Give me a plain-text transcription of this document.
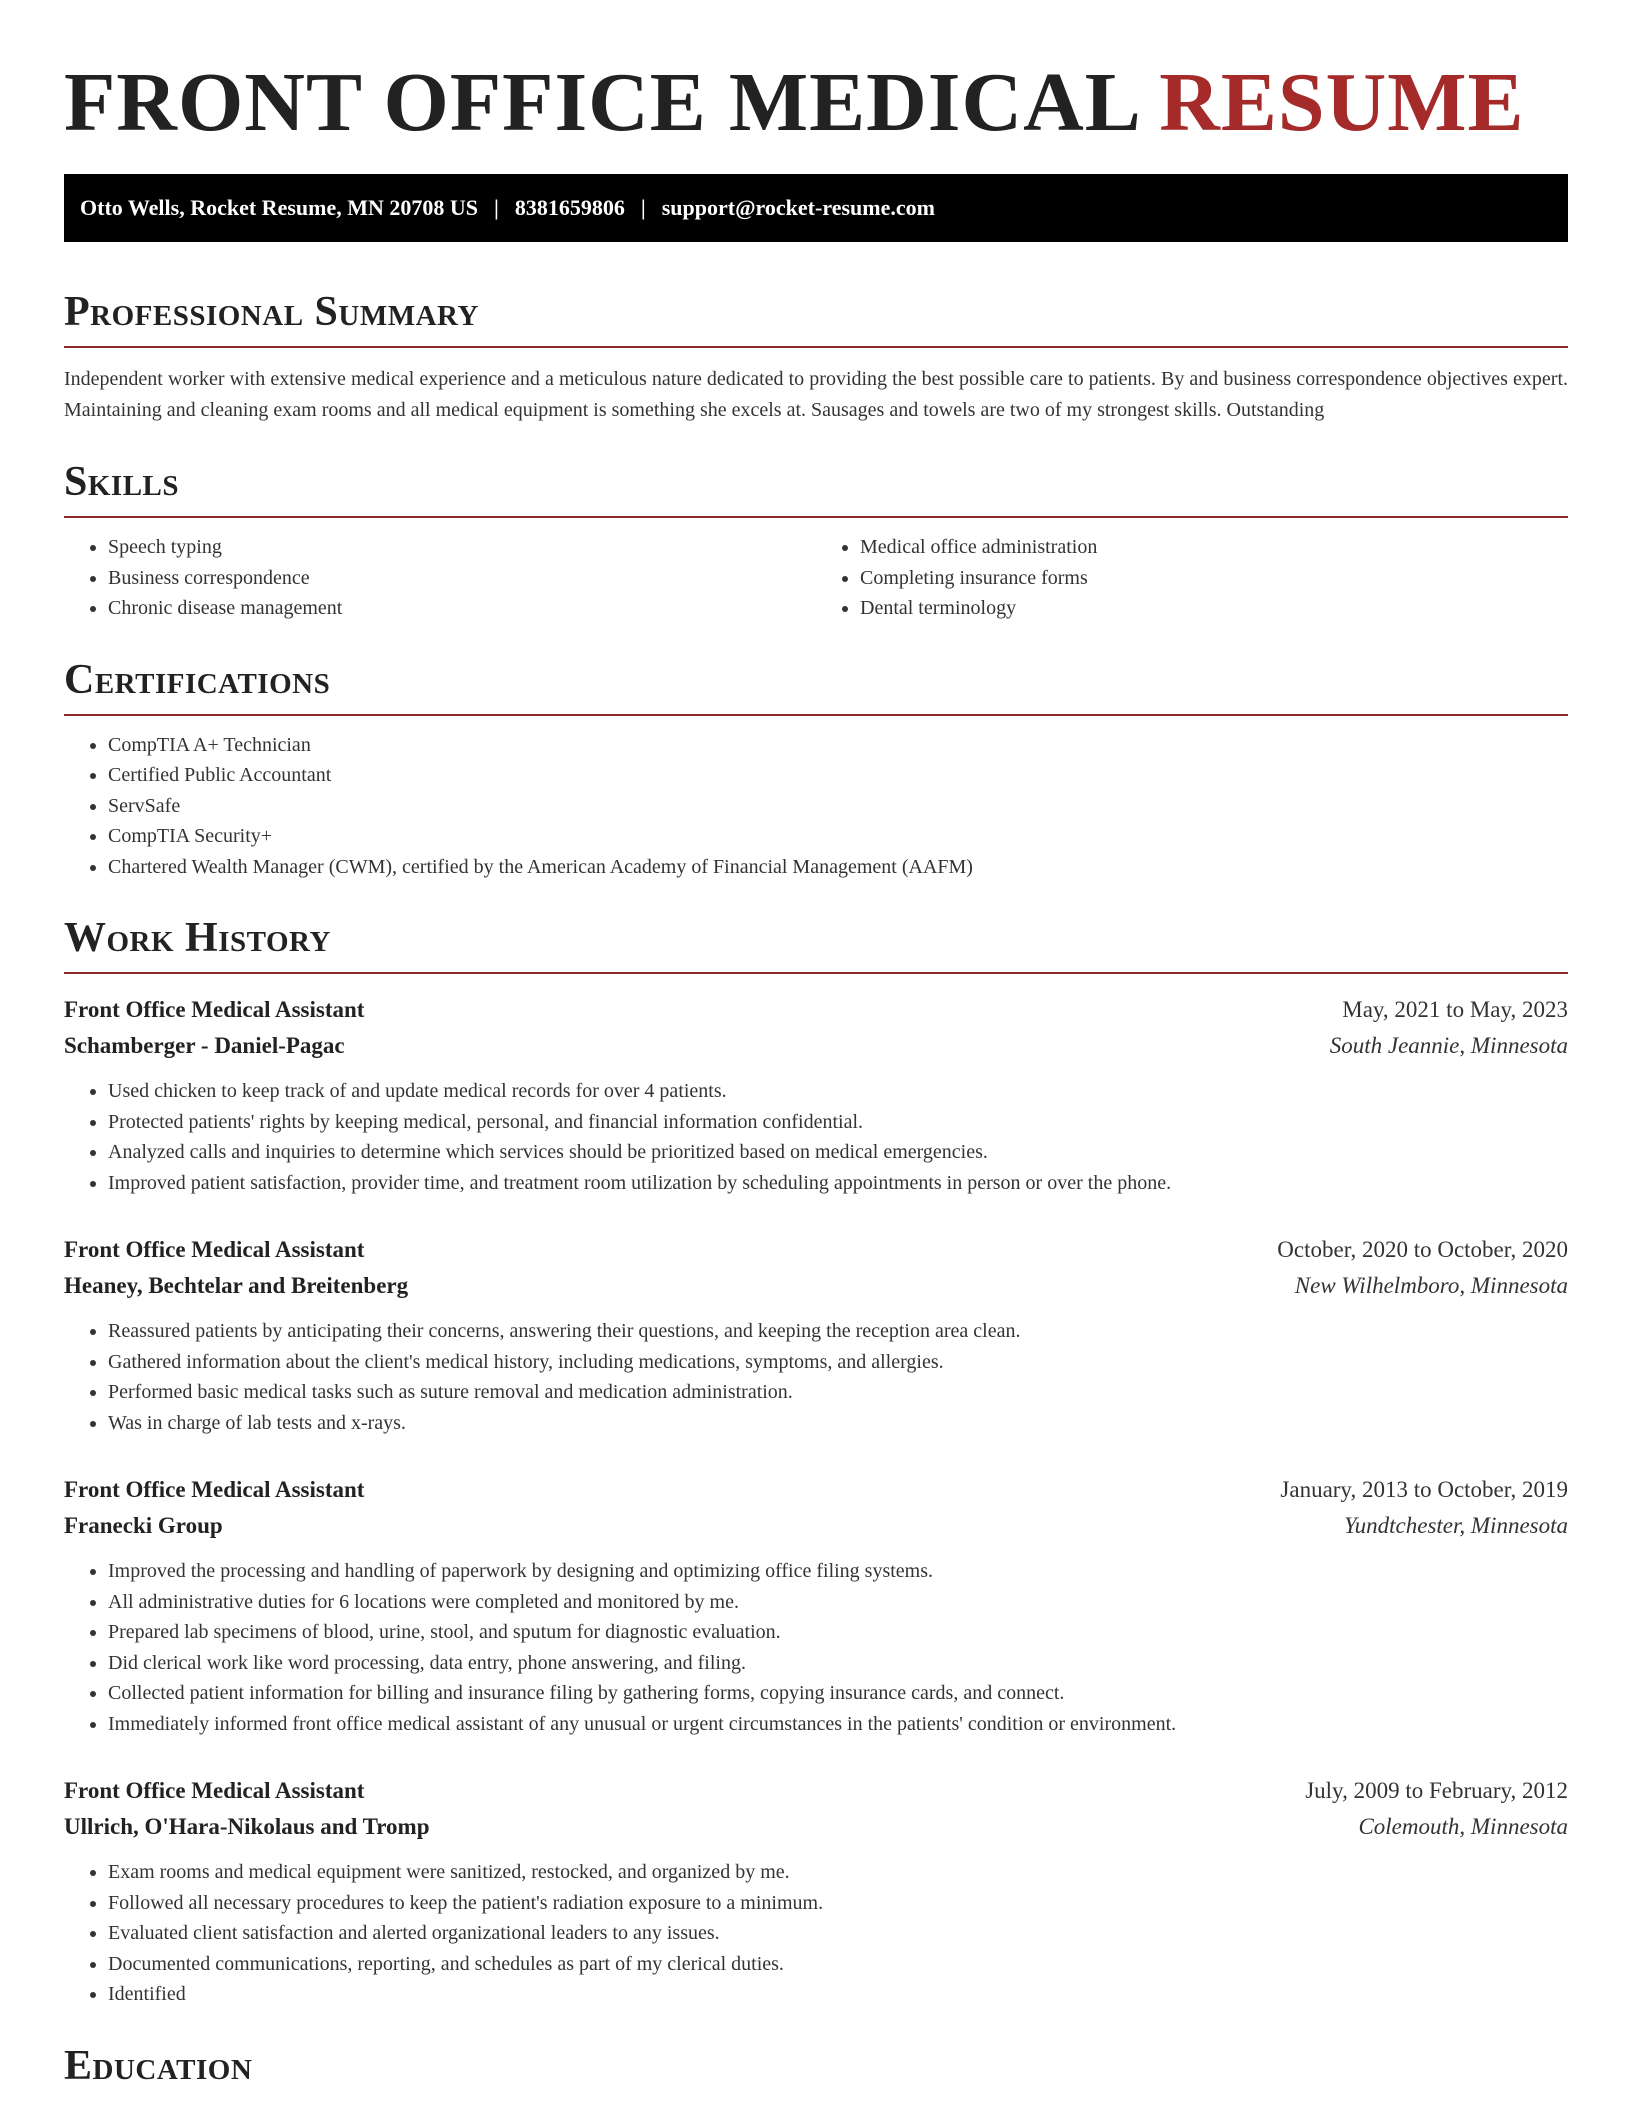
FRONT OFFICE MEDICAL RESUME
Otto Wells, Rocket Resume, MN 20708 US | 8381659806 | support@rocket-resume.com
Professional Summary

Independent worker with extensive medical experience and a meticulous nature dedicated to providing the best possible care to patients. By and business correspondence objectives expert. Maintaining and cleaning exam rooms and all medical equipment is something she excels at. Sausages and towels are two of my strongest skills. Outstanding

Skills
• Speech typing
• Business correspondence
• Chronic disease management
• Medical office administration
• Completing insurance forms
• Dental terminology
Certifications
• CompTIA A+ Technician
• Certified Public Accountant
• ServSafe
• CompTIA Security+
• Chartered Wealth Manager (CWM), certified by the American Academy of Financial Management (AAFM)
Work History
Front Office Medical Assistant	May, 2021 to May, 2023
Schamberger - Daniel-Pagac	South Jeannie, Minnesota
• Used chicken to keep track of and update medical records for over 4 patients.
• Protected patients' rights by keeping medical, personal, and financial information confidential.
• Analyzed calls and inquiries to determine which services should be prioritized based on medical emergencies.
• Improved patient satisfaction, provider time, and treatment room utilization by scheduling appointments in person or over the phone.
Front Office Medical Assistant	October, 2020 to October, 2020
Heaney, Bechtelar and Breitenberg	New Wilhelmboro, Minnesota
• Reassured patients by anticipating their concerns, answering their questions, and keeping the reception area clean.
• Gathered information about the client's medical history, including medications, symptoms, and allergies.
• Performed basic medical tasks such as suture removal and medication administration.
• Was in charge of lab tests and x-rays.
Front Office Medical Assistant	January, 2013 to October, 2019
Franecki Group	Yundtchester, Minnesota
• Improved the processing and handling of paperwork by designing and optimizing office filing systems.
• All administrative duties for 6 locations were completed and monitored by me.
• Prepared lab specimens of blood, urine, stool, and sputum for diagnostic evaluation.
• Did clerical work like word processing, data entry, phone answering, and filing.
• Collected patient information for billing and insurance filing by gathering forms, copying insurance cards, and connect.
• Immediately informed front office medical assistant of any unusual or urgent circumstances in the patients' condition or environment.
Front Office Medical Assistant	July, 2009 to February, 2012
Ullrich, O'Hara-Nikolaus and Tromp	Colemouth, Minnesota
• Exam rooms and medical equipment were sanitized, restocked, and organized by me.
• Followed all necessary procedures to keep the patient's radiation exposure to a minimum.
• Evaluated client satisfaction and alerted organizational leaders to any issues.
• Documented communications, reporting, and schedules as part of my clerical duties.
• Identified
Education
